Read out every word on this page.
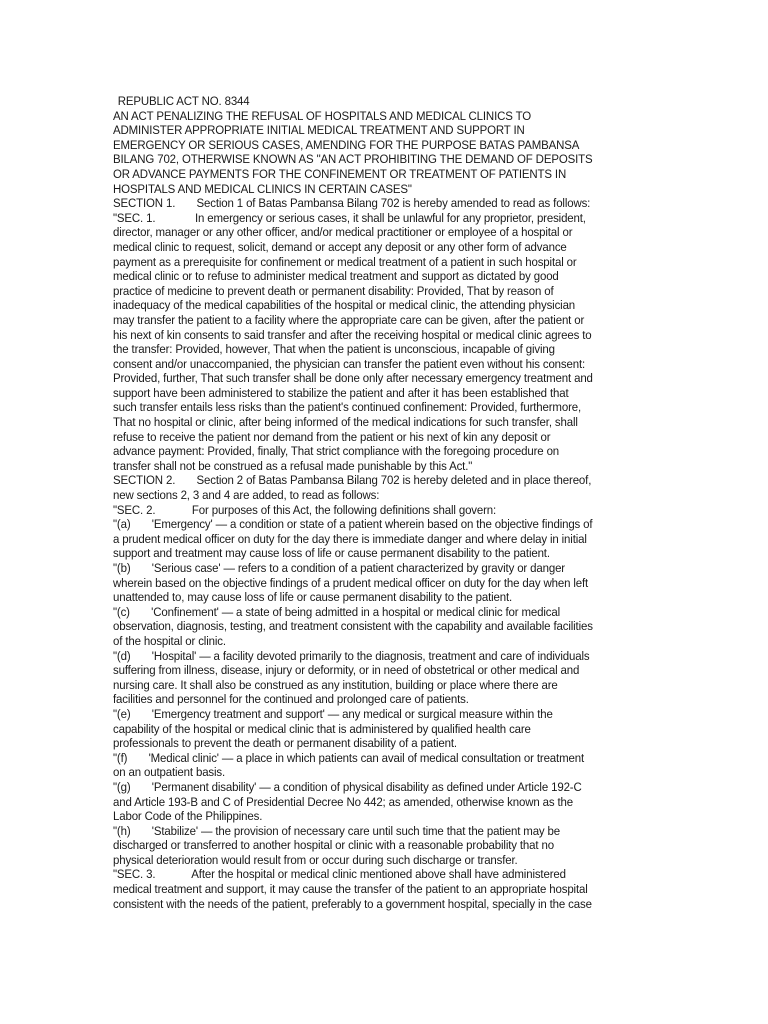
REPUBLIC ACT NO. 8344
AN ACT PENALIZING THE REFUSAL OF HOSPITALS AND MEDICAL CLINICS TO
ADMINISTER APPROPRIATE INITIAL MEDICAL TREATMENT AND SUPPORT IN
EMERGENCY OR SERIOUS CASES, AMENDING FOR THE PURPOSE BATAS PAMBANSA
BILANG 702, OTHERWISE KNOWN AS "AN ACT PROHIBITING THE DEMAND OF DEPOSITS
OR ADVANCE PAYMENTS FOR THE CONFINEMENT OR TREATMENT OF PATIENTS IN
HOSPITALS AND MEDICAL CLINICS IN CERTAIN CASES"
SECTION 1.       Section 1 of Batas Pambansa Bilang 702 is hereby amended to read as follows:
"SEC. 1.             In emergency or serious cases, it shall be unlawful for any proprietor, president,
director, manager or any other officer, and/or medical practitioner or employee of a hospital or
medical clinic to request, solicit, demand or accept any deposit or any other form of advance
payment as a prerequisite for confinement or medical treatment of a patient in such hospital or
medical clinic or to refuse to administer medical treatment and support as dictated by good
practice of medicine to prevent death or permanent disability: Provided, That by reason of
inadequacy of the medical capabilities of the hospital or medical clinic, the attending physician
may transfer the patient to a facility where the appropriate care can be given, after the patient or
his next of kin consents to said transfer and after the receiving hospital or medical clinic agrees to
the transfer: Provided, however, That when the patient is unconscious, incapable of giving
consent and/or unaccompanied, the physician can transfer the patient even without his consent:
Provided, further, That such transfer shall be done only after necessary emergency treatment and
support have been administered to stabilize the patient and after it has been established that
such transfer entails less risks than the patient's continued confinement: Provided, furthermore,
That no hospital or clinic, after being informed of the medical indications for such transfer, shall
refuse to receive the patient nor demand from the patient or his next of kin any deposit or
advance payment: Provided, finally, That strict compliance with the foregoing procedure on
transfer shall not be construed as a refusal made punishable by this Act."
SECTION 2.       Section 2 of Batas Pambansa Bilang 702 is hereby deleted and in place thereof,
new sections 2, 3 and 4 are added, to read as follows:
"SEC. 2.            For purposes of this Act, the following definitions shall govern:
"(a)       'Emergency' — a condition or state of a patient wherein based on the objective findings of
a prudent medical officer on duty for the day there is immediate danger and where delay in initial
support and treatment may cause loss of life or cause permanent disability to the patient.
"(b)       'Serious case' — refers to a condition of a patient characterized by gravity or danger
wherein based on the objective findings of a prudent medical officer on duty for the day when left
unattended to, may cause loss of life or cause permanent disability to the patient.
"(c)       'Confinement' — a state of being admitted in a hospital or medical clinic for medical
observation, diagnosis, testing, and treatment consistent with the capability and available facilities
of the hospital or clinic.
"(d)       'Hospital' — a facility devoted primarily to the diagnosis, treatment and care of individuals
suffering from illness, disease, injury or deformity, or in need of obstetrical or other medical and
nursing care. It shall also be construed as any institution, building or place where there are
facilities and personnel for the continued and prolonged care of patients.
"(e)       'Emergency treatment and support' — any medical or surgical measure within the
capability of the hospital or medical clinic that is administered by qualified health care
professionals to prevent the death or permanent disability of a patient.
"(f)       'Medical clinic' — a place in which patients can avail of medical consultation or treatment
on an outpatient basis.
"(g)       'Permanent disability' — a condition of physical disability as defined under Article 192-C
and Article 193-B and C of Presidential Decree No 442; as amended, otherwise known as the
Labor Code of the Philippines.
"(h)       'Stabilize' — the provision of necessary care until such time that the patient may be
discharged or transferred to another hospital or clinic with a reasonable probability that no
physical deterioration would result from or occur during such discharge or transfer.
"SEC. 3.            After the hospital or medical clinic mentioned above shall have administered
medical treatment and support, it may cause the transfer of the patient to an appropriate hospital
consistent with the needs of the patient, preferably to a government hospital, specially in the case
